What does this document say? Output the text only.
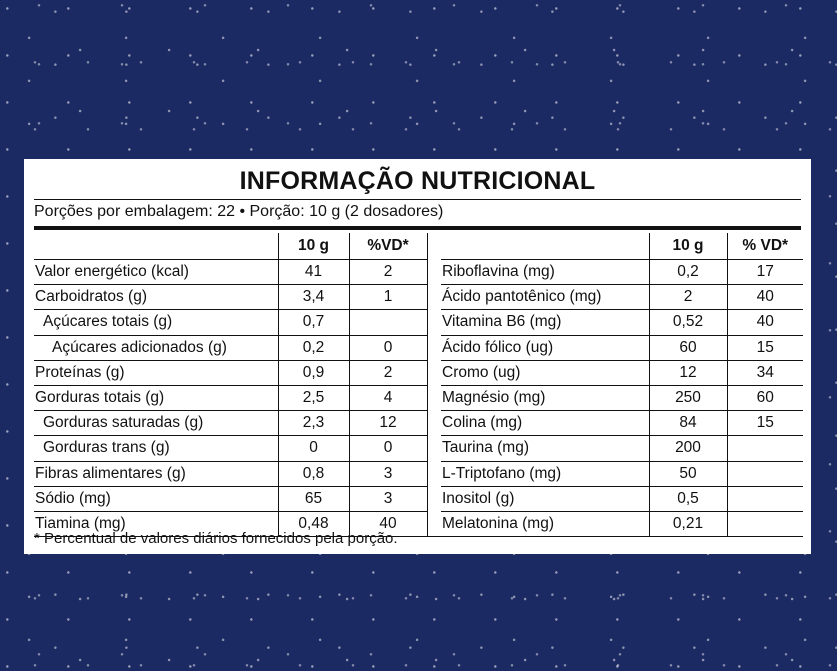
INFORMAÇÃO NUTRICIONAL
Porções por embalagem: 22 • Porção: 10 g (2 dosadores)
	10 g	%VD*			10 g	% VD*
Valor energético (kcal)	41	2		Riboflavina (mg)	0,2	17
Carboidratos (g)	3,4	1		Ácido pantotênico (mg)	2	40
Açúcares totais (g)	0,7			Vitamina B6 (mg)	0,52	40
Açúcares adicionados (g)	0,2	0		Ácido fólico (ug)	60	15
Proteínas (g)	0,9	2		Cromo (ug)	12	34
Gorduras totais (g)	2,5	4		Magnésio (mg)	250	60
Gorduras saturadas (g)	2,3	12		Colina (mg)	84	15
Gorduras trans (g)	0	0		Taurina (mg)	200	
Fibras alimentares (g)	0,8	3		L-Triptofano (mg)	50	
Sódio (mg)	65	3		Inositol (g)	0,5	
Tiamina (mg)	0,48	40		Melatonina (mg)	0,21	
* Percentual de valores diários fornecidos pela porção.
